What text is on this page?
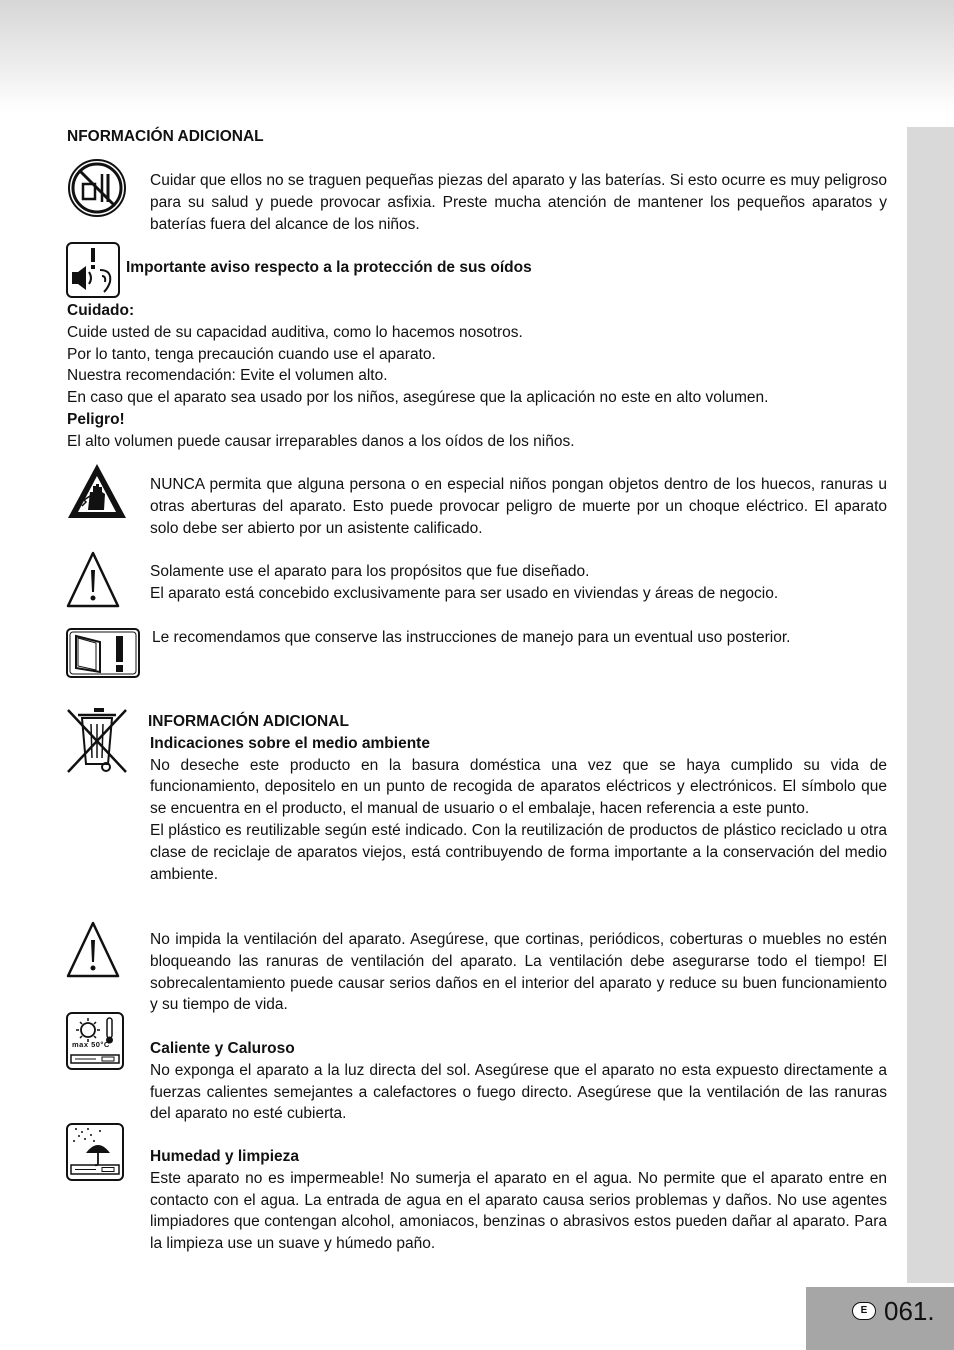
NFORMACIÓN ADICIONAL
Cuidar que ellos no se traguen pequeñas piezas del aparato y las baterías. Si esto ocurre es muy peligroso para su salud y puede provocar asfixia. Preste mucha atención de mantener los pequeños aparatos y baterías fuera del alcance de los niños.
Importante aviso respecto a la protección de sus oídos

Cuidado:

Cuide usted de su capacidad auditiva, como lo hacemos nosotros.

Por lo tanto, tenga precaución cuando use el aparato.

Nuestra recomendación: Evite el volumen alto.

En caso que el aparato sea usado por los niños, asegúrese que la aplicación no este en alto volumen.

Peligro!

El alto volumen puede causar irreparables danos a los oídos de los niños.

NUNCA permita que alguna persona o en especial niños pongan objetos dentro de los huecos, ranuras u otras aberturas del aparato. Esto puede provocar peligro de muerte por un choque eléctrico. El aparato solo debe ser abierto por un asistente calificado.

Solamente use el aparato para los propósitos que fue diseñado.

El aparato está concebido exclusivamente para ser usado en viviendas y áreas de negocio.

Le recomendamos que conserve las instrucciones de manejo para un eventual uso posterior.

INFORMACIÓN ADICIONAL

Indicaciones sobre el medio ambiente

No deseche este producto en la basura doméstica una vez que se haya cumplido su vida de funcionamiento, depositelo en un punto de recogida de aparatos eléctricos y electrónicos. El símbolo que se encuentra en el producto, el manual de usuario o el embalaje, hacen referencia a este punto.

El plástico es reutilizable según esté indicado. Con la reutilización de productos de plástico reciclado u otra clase de reciclaje de aparatos viejos, está contribuyendo de forma importante a la conservación del medio ambiente.

No impida la ventilación del aparato. Asegúrese, que cortinas, periódicos, coberturas o muebles no estén bloqueando las ranuras de ventilación del aparato. La ventilación debe asegurarse todo el tiempo! El sobrecalentamiento puede causar serios daños en el interior del aparato y reduce su buen funcionamiento y su tiempo de vida.
max 50°C	Caliente y Caluroso

No exponga el aparato a la luz directa del sol. Asegúrese que el aparato no esta expuesto directamente a fuerzas calientes semejantes a calefactores o fuego directo. Asegúrese que la ventilación de las ranuras del aparato no esté cubierta.

Humedad y limpieza

Este aparato no es impermeable! No sumerja el aparato en el agua. No permite que el aparato entre en contacto con el agua. La entrada de agua en el aparato causa serios problemas y daños. No use agentes limpiadores que contengan alcohol, amoniacos, benzinas o abrasivos estos pueden dañar al aparato. Para la limpieza use un suave y húmedo paño.

E 061.
